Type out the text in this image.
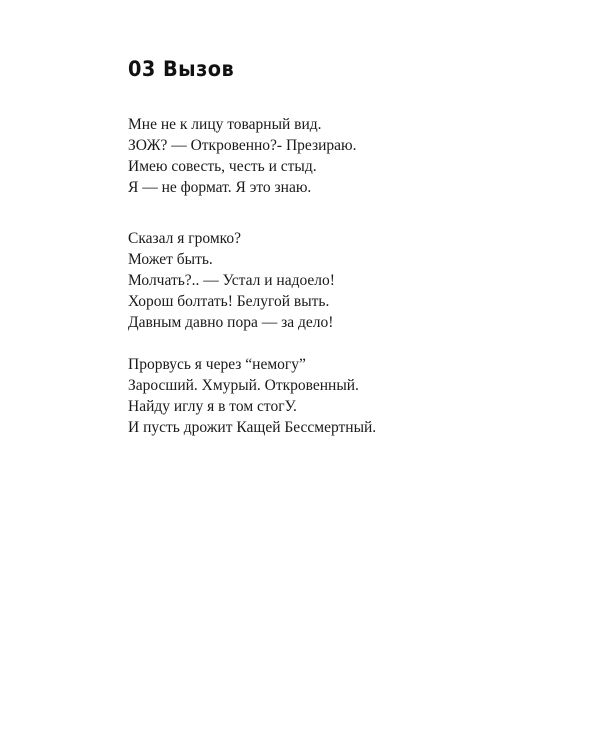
03 Вызов
Мне не к лицу товарный вид.
ЗОЖ? — Откровенно?- Презираю.
Имею совесть, честь и стыд.
Я — не формат. Я это знаю.
Сказал я громко?
Может быть.
Молчать?.. — Устал и надоело!
Хорош болтать! Белугой выть.
Давным давно пора — за дело!
Прорвусь я через “немогу”
Заросший. Хмурый. Откровенный.
Найду иглу я в том стогУ.
И пусть дрожит Кащей Бессмертный.
